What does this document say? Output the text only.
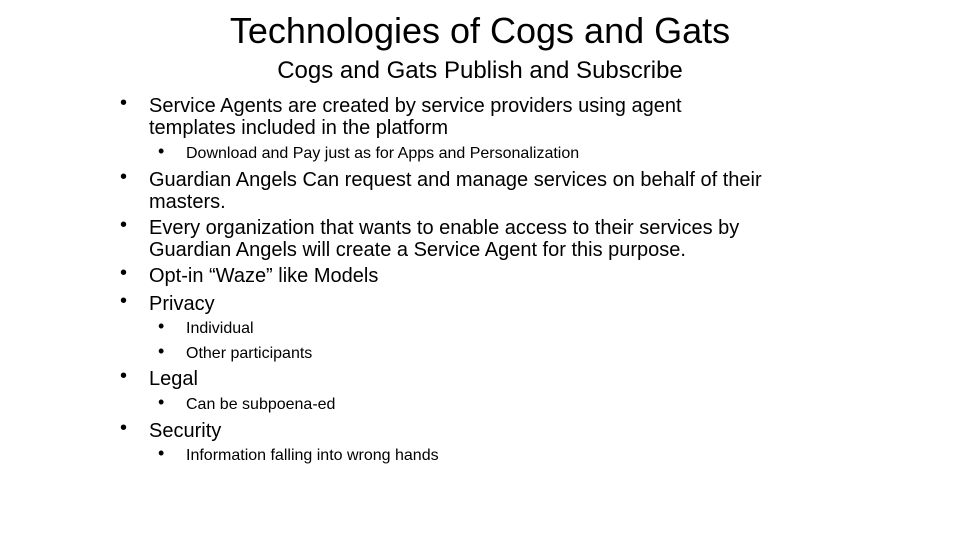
Technologies of Cogs and Gats
Cogs and Gats Publish and Subscribe
• Service Agents are created by service providers using agent templates included in the platform
• Download and Pay just as for Apps and Personalization
• Guardian Angels Can request and manage services on behalf of their masters.
• Every organization that wants to enable access to their services by Guardian Angels will create a Service Agent for this purpose.
• Opt-in “Waze” like Models
• Privacy
• Individual
• Other participants
• Legal
• Can be subpoena-ed
• Security
• Information falling into wrong hands
